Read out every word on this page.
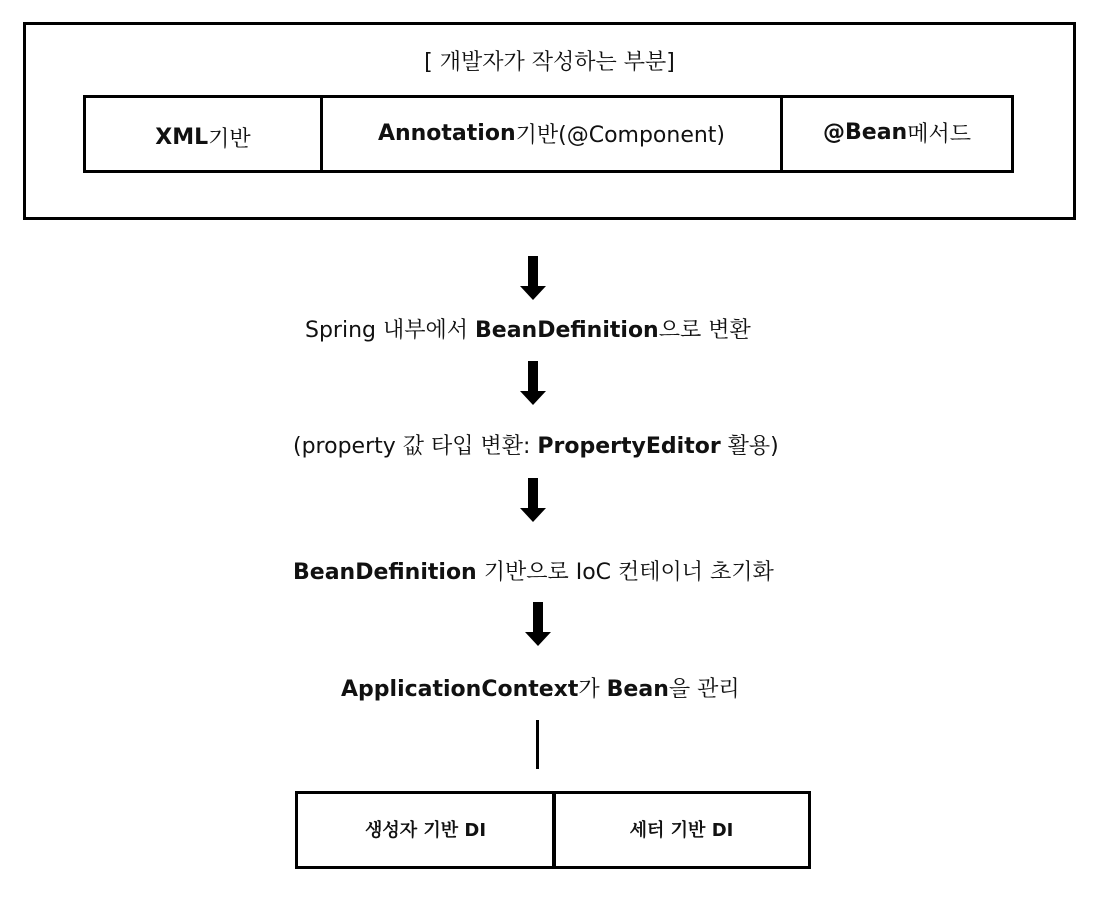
[ 개발자가 작성하는 부분]
XML 기반	Annotation 기반(@Component)	@Bean 메서드
Spring 내부에서 BeanDefinition으로 변환
(property 값 타입 변환: PropertyEditor 활용)
BeanDefinition 기반으로 IoC 컨테이너 초기화
ApplicationContext가 Bean을 관리
생성자 기반 DI	세터 기반 DI
